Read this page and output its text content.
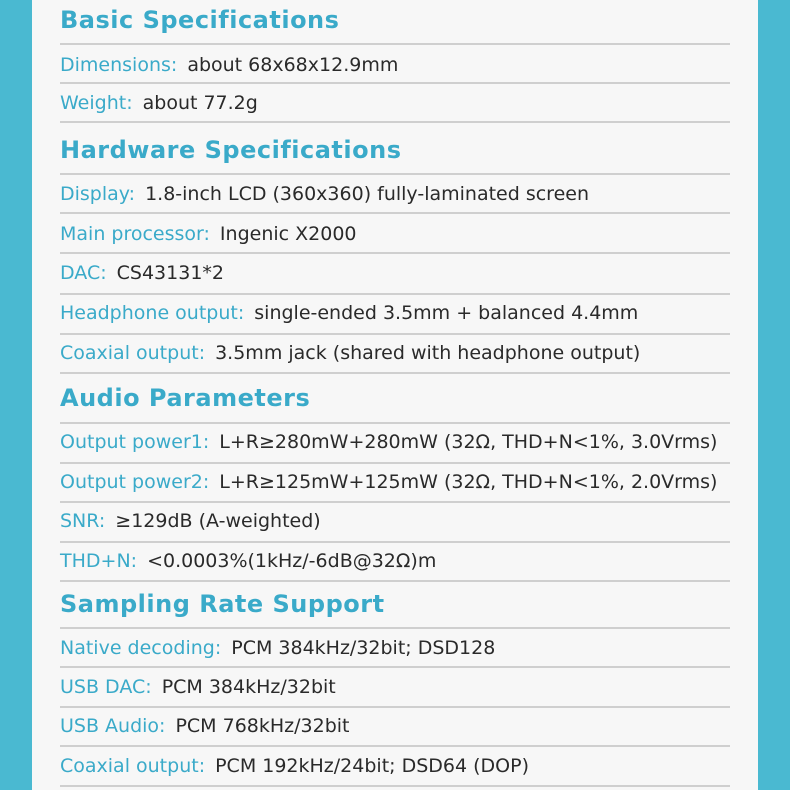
Basic Specifications
Dimensions: about 68x68x12.9mm
Weight: about 77.2g
Hardware Specifications
Display: 1.8-inch LCD (360x360) fully-laminated screen
Main processor: Ingenic X2000
DAC: CS43131*2
Headphone output: single-ended 3.5mm + balanced 4.4mm
Coaxial output: 3.5mm jack (shared with headphone output)
Audio Parameters
Output power1: L+R≥280mW+280mW (32Ω, THD+N<1%, 3.0Vrms)
Output power2: L+R≥125mW+125mW (32Ω, THD+N<1%, 2.0Vrms)
SNR: ≥129dB (A-weighted)
THD+N: <0.0003%(1kHz/-6dB@32Ω)m
Sampling Rate Support
Native decoding: PCM 384kHz/32bit; DSD128
USB DAC: PCM 384kHz/32bit
USB Audio: PCM 768kHz/32bit
Coaxial output: PCM 192kHz/24bit; DSD64 (DOP)
